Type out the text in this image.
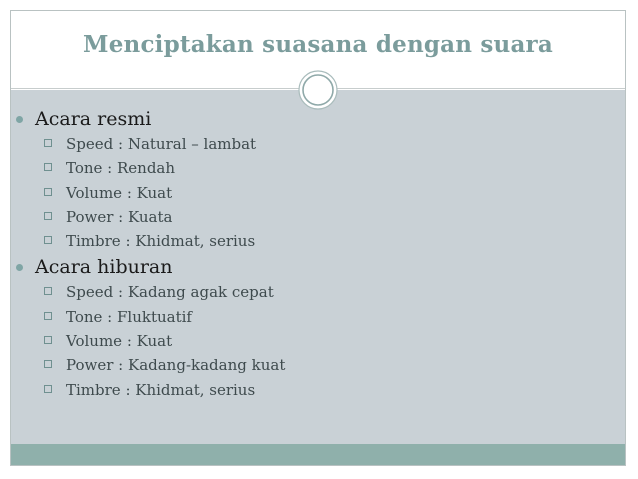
Menciptakan suasana dengan suara
Acara resmi
Speed : Natural – lambat
Tone : Rendah
Volume : Kuat
Power : Kuata
Timbre : Khidmat, serius
Acara hiburan
Speed : Kadang agak cepat
Tone : Fluktuatif
Volume : Kuat
Power : Kadang-kadang kuat
Timbre : Khidmat, serius
